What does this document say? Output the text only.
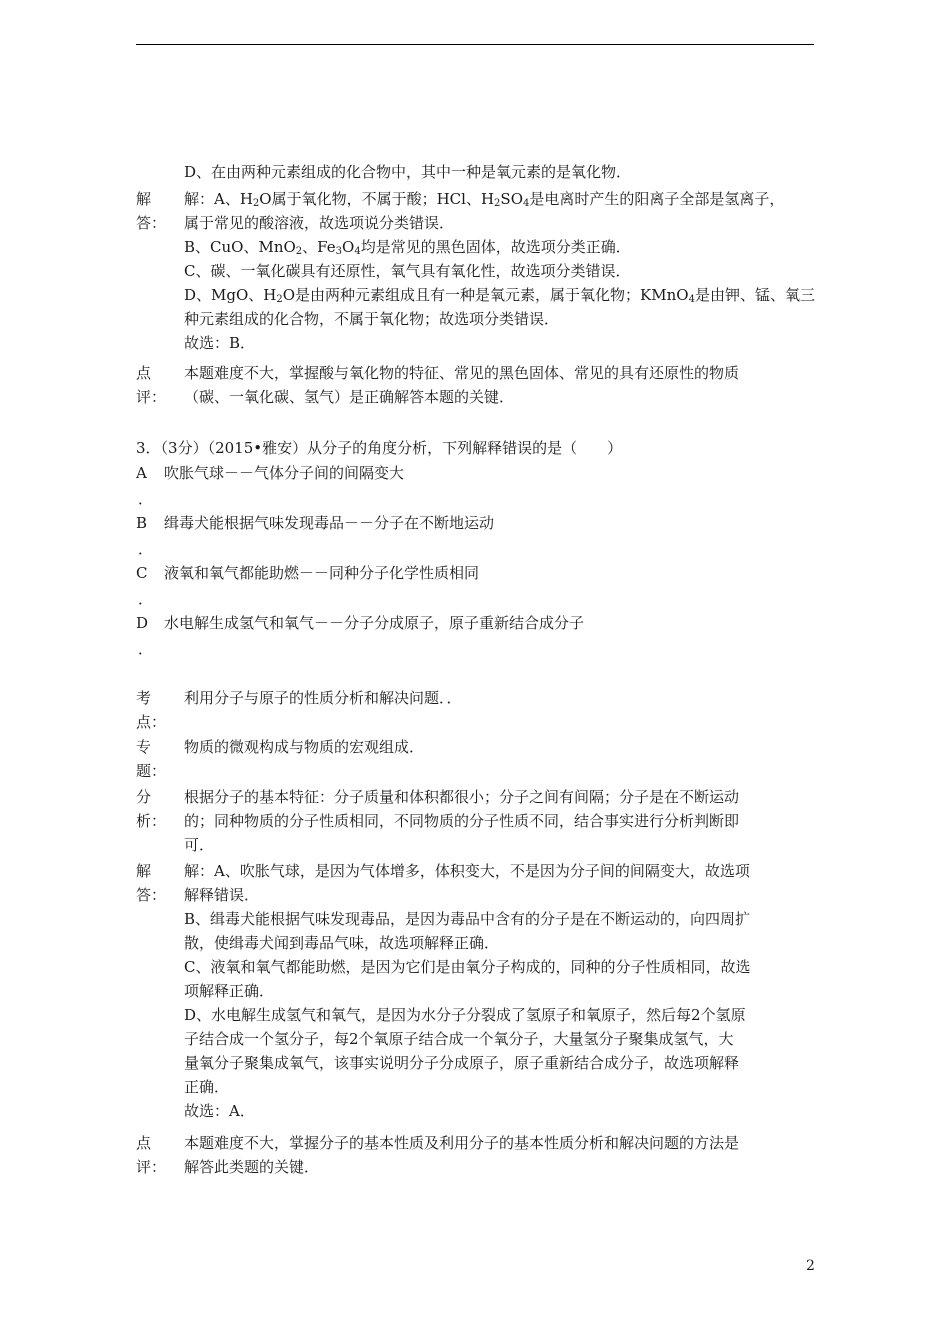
D、在由两种元素组成的化合物中，其中一种是氧元素的是氧化物．
解
答：
解：A、$H_2O$属于氧化物，不属于酸；HCl、$H_2SO_4$是电离时产生的阳离子全部是氢离子，
属于常见的酸溶液，故选项说分类错误．
B、CuO、MnO$_2$、$Fe_3O_4$均是常见的黑色固体，故选项分类正确．
C、碳、一氧化碳具有还原性，氧气具有氧化性，故选项分类错误．
D、MgO、$H_2O$是由两种元素组成且有一种是氧元素，属于氧化物；KMnO$_4$是由钾、锰、氧三
种元素组成的化合物，不属于氧化物；故选项分类错误．
故选：B．
点
评：
本题难度不大，掌握酸与氧化物的特征、常见的黑色固体、常见的具有还原性的物质
（碳、一氧化碳、氢气）是正确解答本题的关键．
3．（3分）（2015•雅安）从分子的角度分析，下列解释错误的是（　　）
A	吹胀气球－－气体分子间的间隔变大
．
B	缉毒犬能根据气味发现毒品－－分子在不断地运动
．
C	液氧和氧气都能助燃－－同种分子化学性质相同
．
D	水电解生成氢气和氧气－－分子分成原子，原子重新结合成分子
．
考
点：
利用分子与原子的性质分析和解决问题．．
专
题：
物质的微观构成与物质的宏观组成．
分
析：
根据分子的基本特征：分子质量和体积都很小；分子之间有间隔；分子是在不断运动
的；同种物质的分子性质相同，不同物质的分子性质不同，结合事实进行分析判断即
可．
解
答：
解：A、吹胀气球，是因为气体增多，体积变大，不是因为分子间的间隔变大，故选项
解释错误．
B、缉毒犬能根据气味发现毒品，是因为毒品中含有的分子是在不断运动的，向四周扩
散，使缉毒犬闻到毒品气味，故选项解释正确．
C、液氧和氧气都能助燃，是因为它们是由氧分子构成的，同种的分子性质相同，故选
项解释正确．
D、水电解生成氢气和氧气，是因为水分子分裂成了氢原子和氧原子，然后每2个氢原
子结合成一个氢分子，每2个氧原子结合成一个氧分子，大量氢分子聚集成氢气，大
量氧分子聚集成氧气，该事实说明分子分成原子，原子重新结合成分子，故选项解释
正确．
故选：A．
点
评：
本题难度不大，掌握分子的基本性质及利用分子的基本性质分析和解决问题的方法是
解答此类题的关键．
2
